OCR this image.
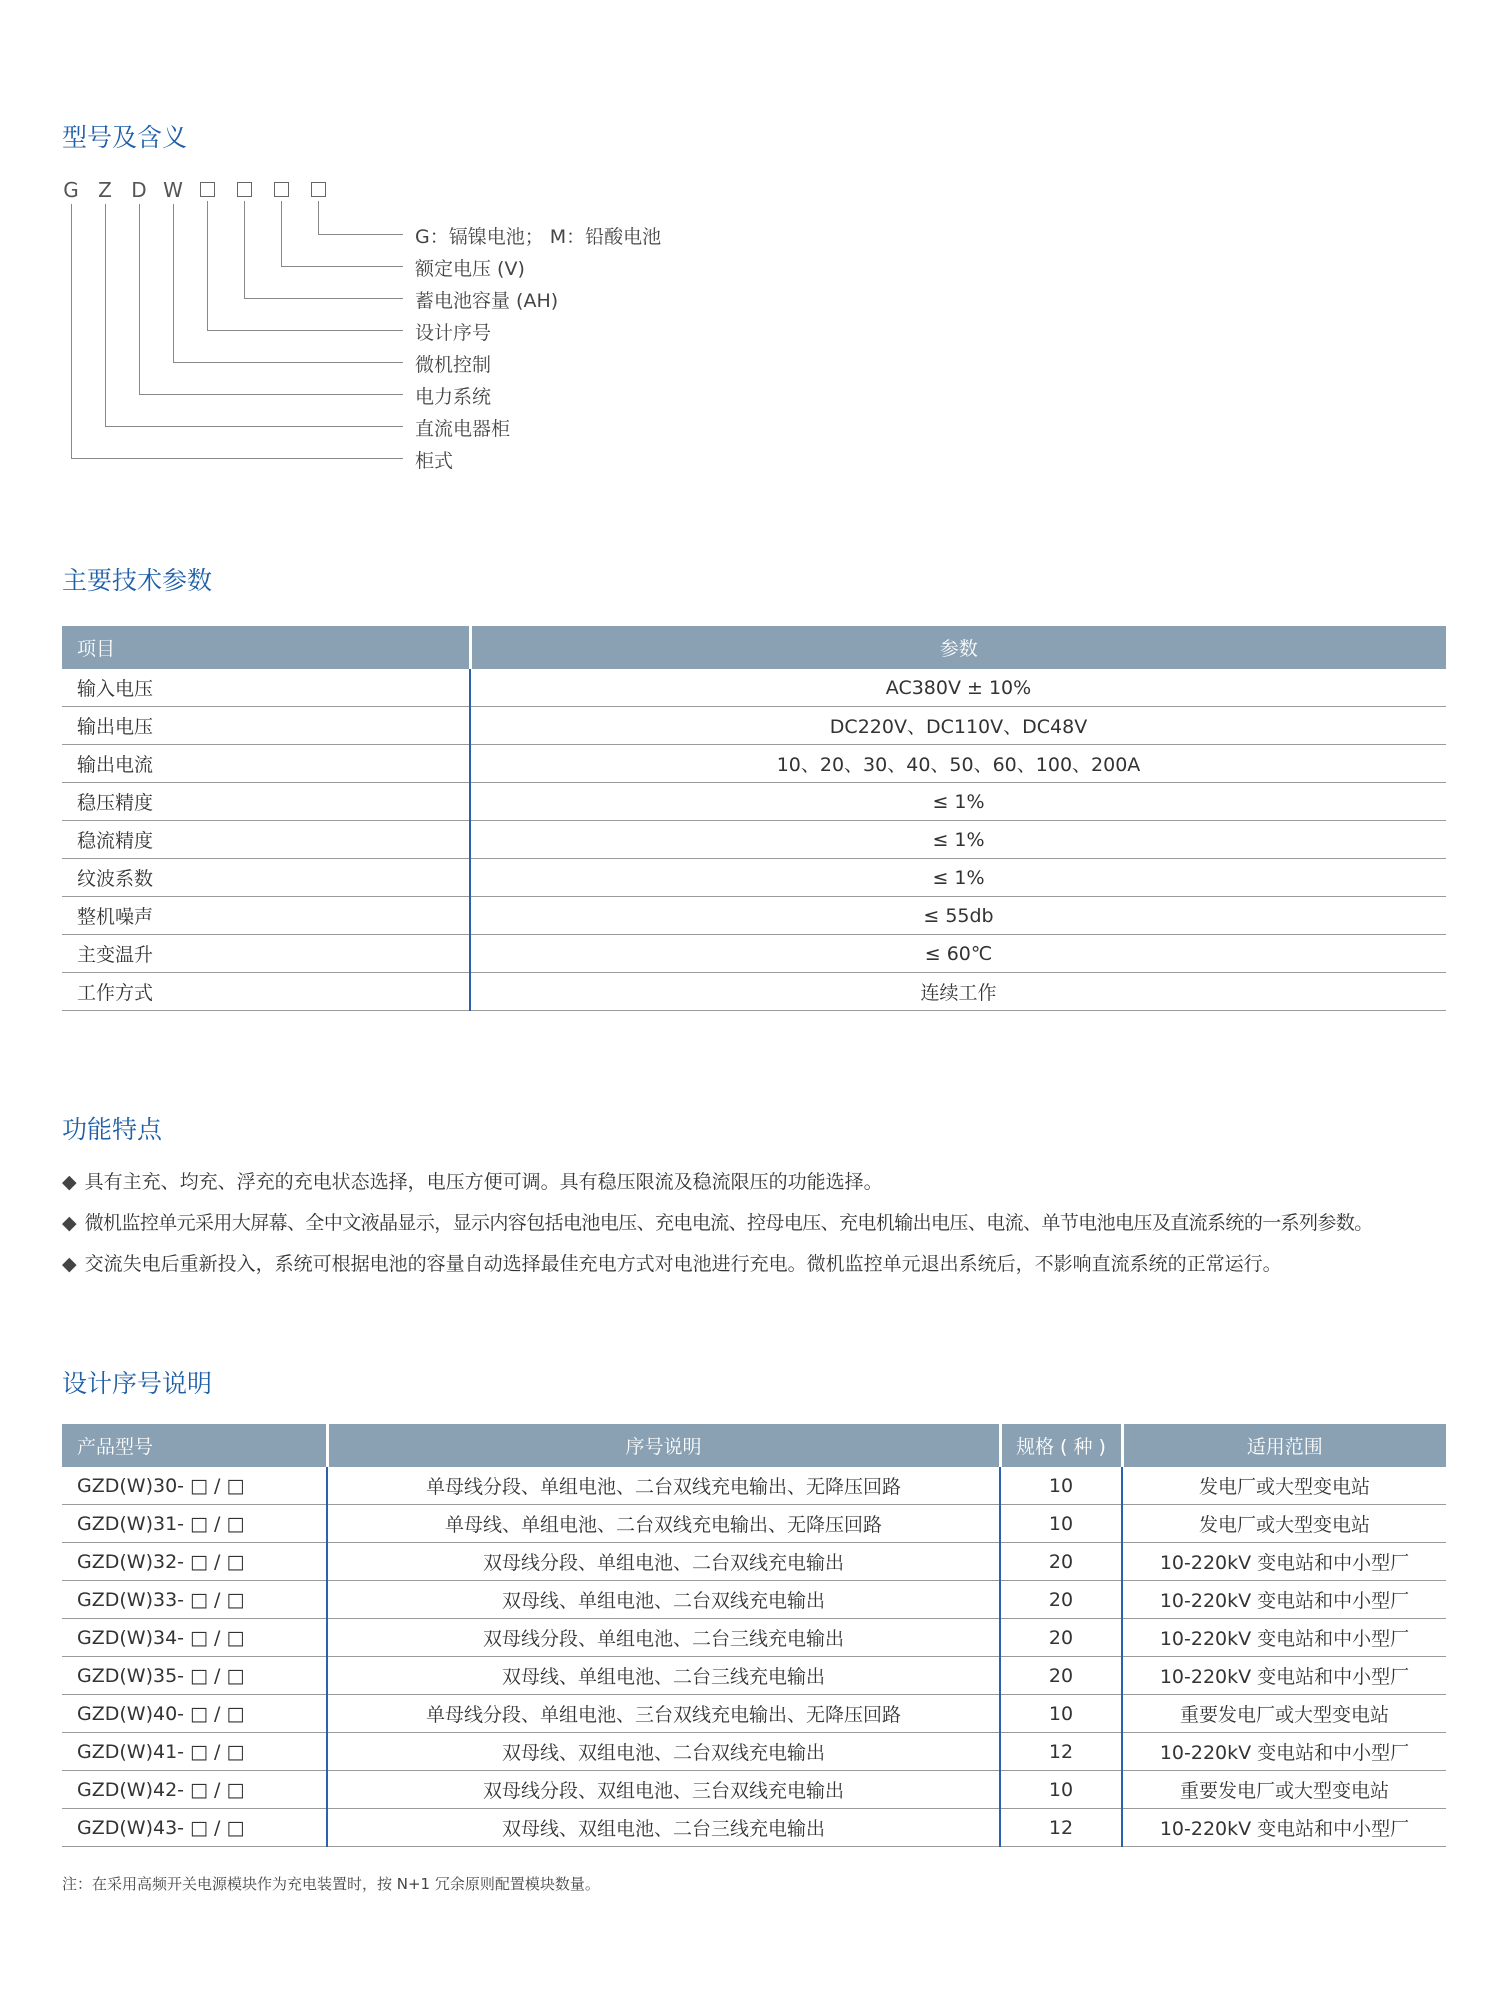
型号及含义
G Z D W
G：镉镍电池； M：铅酸电池
额定电压 (V)
蓄电池容量 (AH)
设计序号
微机控制
电力系统
直流电器柜
柜式
主要技术参数
项目	参数
输入电压	AC380V ± 10%
输出电压	DC220V、DC110V、DC48V
输出电流	10、20、30、40、50、60、100、200A
稳压精度	≤ 1%
稳流精度	≤ 1%
纹波系数	≤ 1%
整机噪声	≤ 55db
主变温升	≤ 60℃
工作方式	连续工作
功能特点
◆ 具有主充、均充、浮充的充电状态选择，电压方便可调。具有稳压限流及稳流限压的功能选择。
◆ 微机监控单元采用大屏幕、全中文液晶显示，显示内容包括电池电压、充电电流、控母电压、充电机输出电压、电流、单节电池电压及直流系统的一系列参数。
◆ 交流失电后重新投入，系统可根据电池的容量自动选择最佳充电方式对电池进行充电。微机监控单元退出系统后，不影响直流系统的正常运行。
设计序号说明
产品型号	序号说明	规格 ( 种 )	适用范围
GZD(W)30- □ / □	单母线分段、单组电池、二台双线充电输出、无降压回路	10	发电厂或大型变电站
GZD(W)31- □ / □	单母线、单组电池、二台双线充电输出、无降压回路	10	发电厂或大型变电站
GZD(W)32- □ / □	双母线分段、单组电池、二台双线充电输出	20	10-220kV 变电站和中小型厂
GZD(W)33- □ / □	双母线、单组电池、二台双线充电输出	20	10-220kV 变电站和中小型厂
GZD(W)34- □ / □	双母线分段、单组电池、二台三线充电输出	20	10-220kV 变电站和中小型厂
GZD(W)35- □ / □	双母线、单组电池、二台三线充电输出	20	10-220kV 变电站和中小型厂
GZD(W)40- □ / □	单母线分段、单组电池、三台双线充电输出、无降压回路	10	重要发电厂或大型变电站
GZD(W)41- □ / □	双母线、双组电池、二台双线充电输出	12	10-220kV 变电站和中小型厂
GZD(W)42- □ / □	双母线分段、双组电池、三台双线充电输出	10	重要发电厂或大型变电站
GZD(W)43- □ / □	双母线、双组电池、二台三线充电输出	12	10-220kV 变电站和中小型厂
注：在采用高频开关电源模块作为充电装置时，按 N+1 冗余原则配置模块数量。
